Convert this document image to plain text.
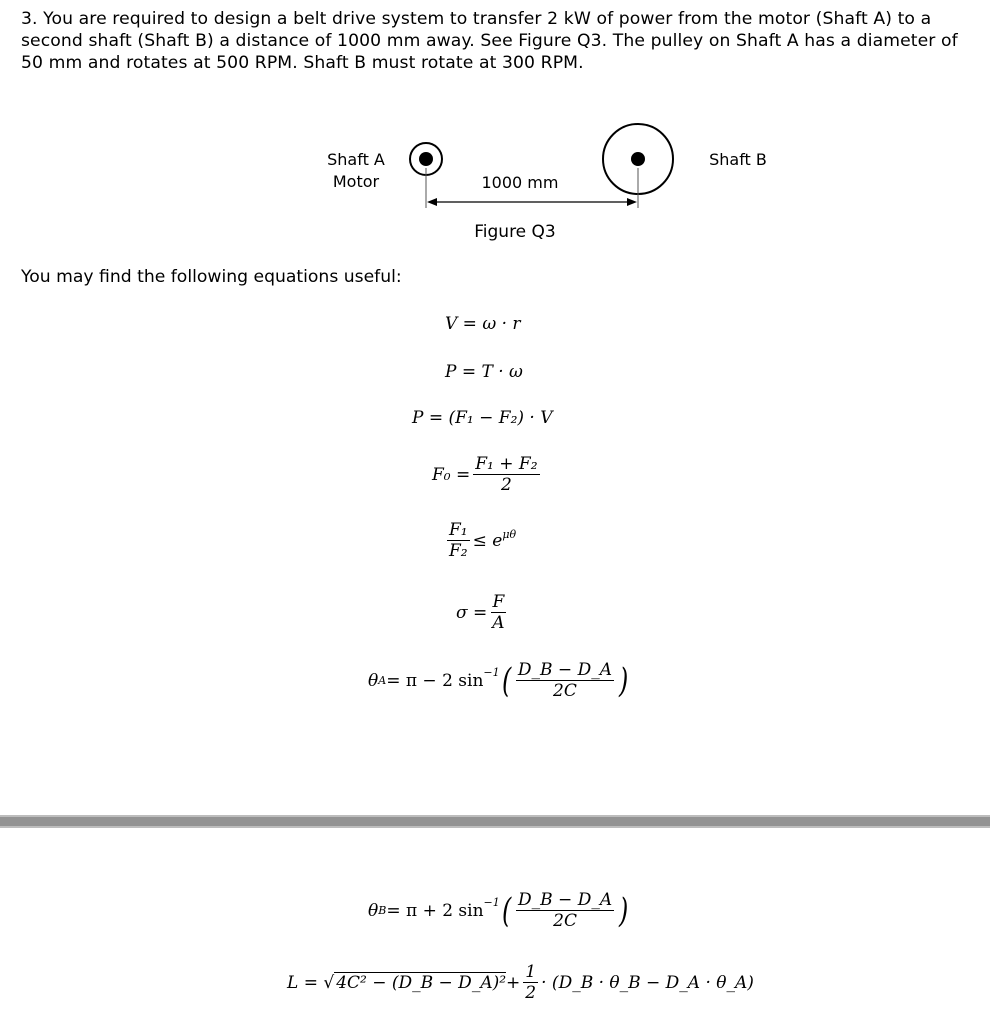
3. You are required to design a belt drive system to transfer 2 kW of power from the motor (Shaft A) to a second shaft (Shaft B) a distance of 1000 mm away. See Figure Q3. The pulley on Shaft A has a diameter of 50 mm and rotates at 500 RPM. Shaft B must rotate at 300 RPM.
Shaft A
Motor
Shaft B
1000 mm
Figure Q3
You may find the following equations useful:
V = ω · r
P = T · ω
P = (F₁ − F₂) · V
$F_0 = \frac{\text{F₁ + F₂}}{2}$
$\frac{\text{F₁}}{\text{F₂}} \le e^{\mu\theta}$
$\sigma = \frac{F}{A}$
θ A = π − 2 $\sin^{-1}$ ( $\frac{D\_B - D\_A}{2C}$ )
θ B = π + 2 $\sin^{-1}$ ( $\frac{D\_B - D\_A}{2C}$ )
L = √ 4C² − (D_B − D_A)² + $\frac{1}{2}$ · (D_B · θ_B − D_A · θ_A)
